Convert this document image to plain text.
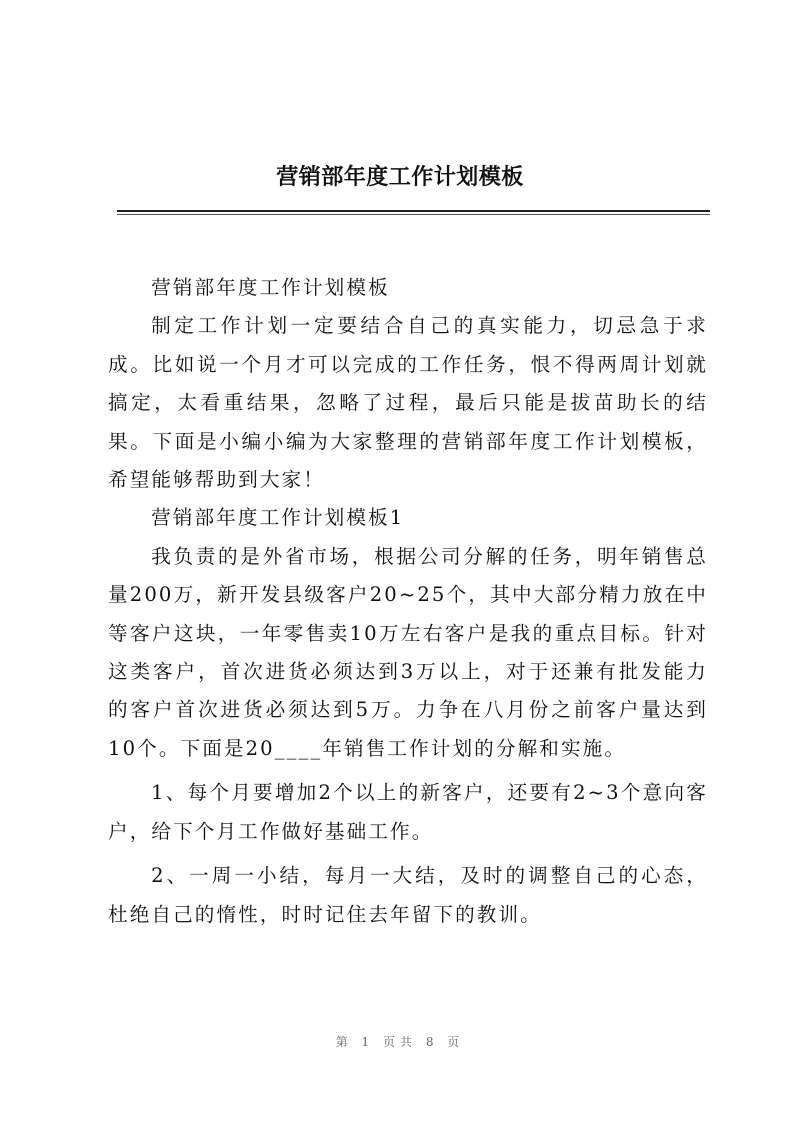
营销部年度工作计划模板

营销部年度工作计划模板

制定工作计划一定要结合自己的真实能力，切忌急于求成。比如说一个月才可以完成的工作任务，恨不得两周计划就搞定，太看重结果，忽略了过程，最后只能是拔苗助长的结果。下面是小编小编为大家整理的营销部年度工作计划模板，希望能够帮助到大家！

营销部年度工作计划模板1

我负责的是外省市场，根据公司分解的任务，明年销售总量200万，新开发县级客户20~25个，其中大部分精力放在中等客户这块，一年零售卖10万左右客户是我的重点目标。针对这类客户，首次进货必须达到3万以上，对于还兼有批发能力的客户首次进货必须达到5万。力争在八月份之前客户量达到10个。下面是20____年销售工作计划的分解和实施。

1、每个月要增加2个以上的新客户，还要有2~3个意向客户，给下个月工作做好基础工作。

2、一周一小结，每月一大结，及时的调整自己的心态，杜绝自己的惰性，时时记住去年留下的教训。

第 1 页共 8 页
